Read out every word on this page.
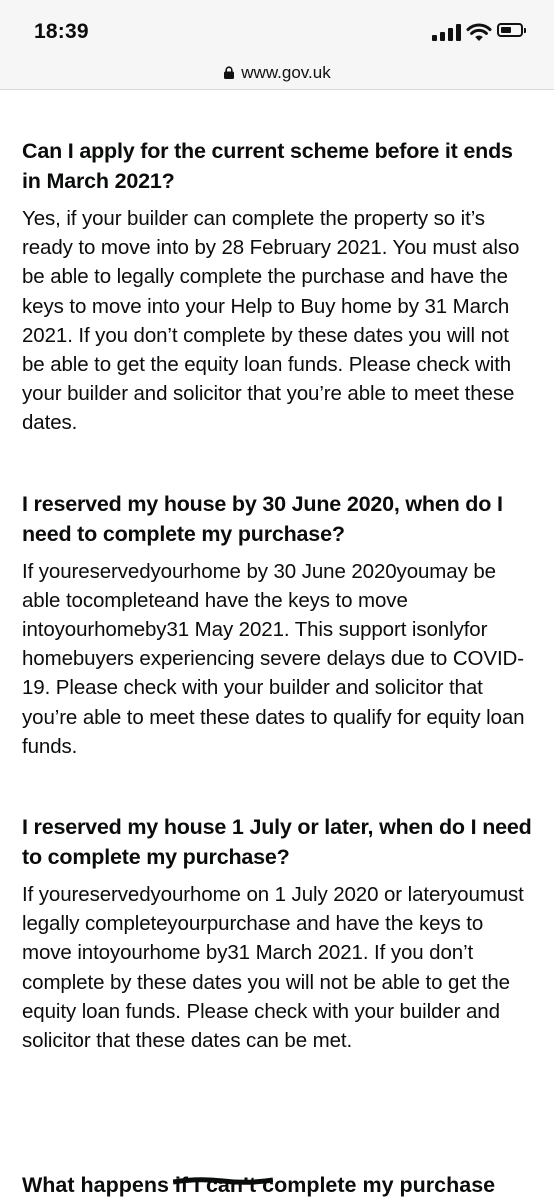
18:39
www.gov.uk
Can I apply for the current scheme before it ends in March 2021?

Yes, if your builder can complete the property so it’s ready to move into by 28 February 2021. You must also be able to legally complete the purchase and have the keys to move into your Help to Buy home by 31 March 2021. If you don’t complete by these dates you will not be able to get the equity loan funds. Please check with your builder and solicitor that you’re able to meet these dates.

I reserved my house by 30 June 2020, when do I need to complete my purchase?

If youreservedyourhome by 30 June 2020youmay be able tocompleteand have the keys to move intoyourhomeby31 May 2021. This support isonlyfor homebuyers experiencing severe delays due to COVID-19. Please check with your builder and solicitor that you’re able to meet these dates to qualify for equity loan funds.

I reserved my house 1 July or later, when do I need to complete my purchase?

If youreservedyourhome on 1 July 2020 or lateryoumust legally completeyourpurchase and have the keys to move intoyourhome by31 March 2021. If you don’t complete by these dates you will not be able to get the equity loan funds. Please check with your builder and solicitor that these dates can be met.

What happens if I can’t complete
my purchase
